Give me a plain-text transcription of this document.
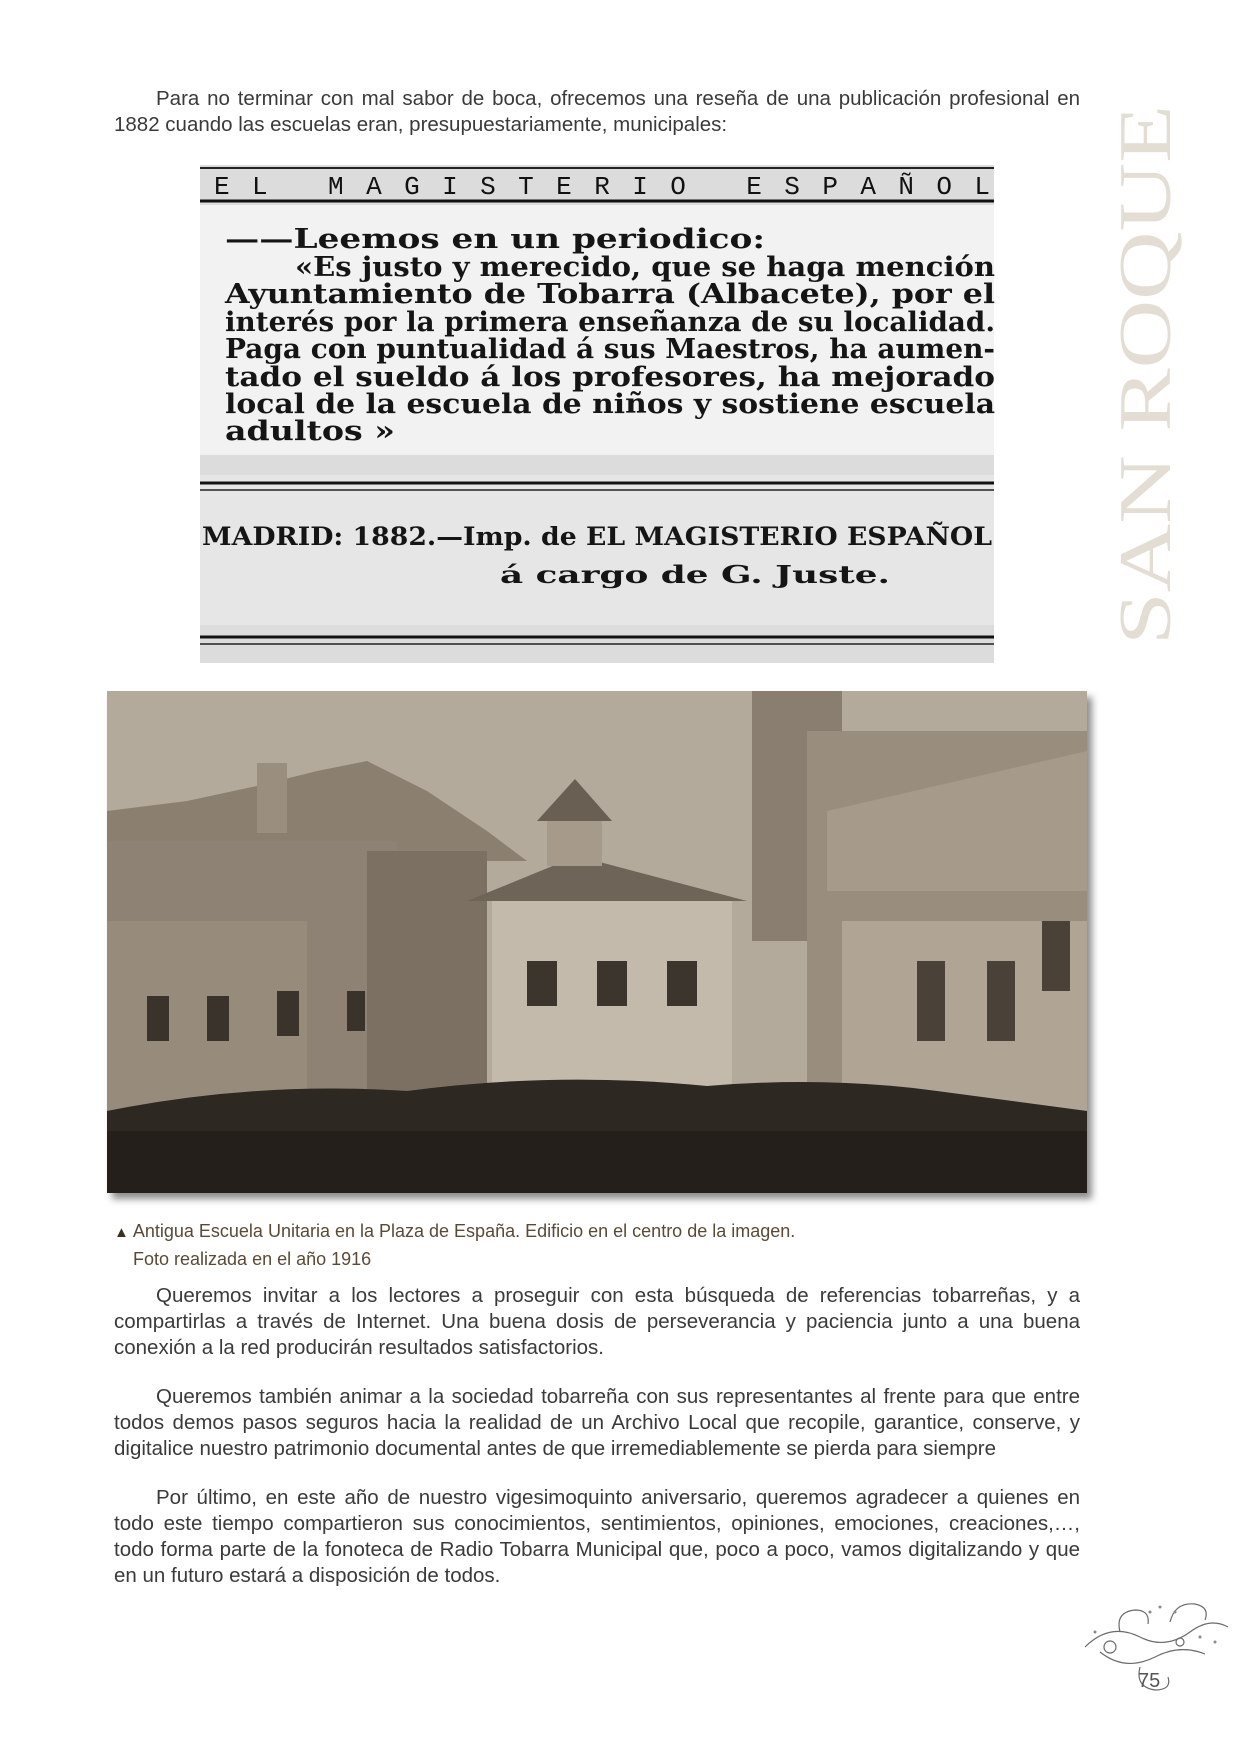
Para no terminar con mal sabor de boca, ofrecemos una reseña de una publicación profesional en 1882 cuando las escuelas eran, presupuestariamente, municipales:

SAN ROQUE
EL MAGISTERIO ESPAÑOL
——Leemos en un periodico:
«Es justo y merecido, que se haga mención
Ayuntamiento de Tobarra (Albacete), por el
interés por la primera enseñanza de su localidad.
Paga con puntualidad á sus Maestros, ha aumen-
tado el sueldo á los profesores, ha mejorado
local de la escuela de niños y sostiene escuela
adultos »
MADRID: 1882.—Imp. de EL MAGISTERIO ESPAÑOL
á cargo de G. Juste.
▲ Antigua Escuela Unitaria en la Plaza de España. Edificio en el centro de la imagen.
Foto realizada en el año 1916

Queremos invitar a los lectores a proseguir con esta búsqueda de referencias tobarreñas, y a compartirlas a través de Internet. Una buena dosis de perseverancia y paciencia junto a una buena conexión a la red producirán resultados satisfactorios.

Queremos también animar a la sociedad tobarreña con sus representantes al frente para que entre todos demos pasos seguros hacia la realidad de un Archivo Local que recopile, garantice, conserve, y digitalice nuestro patrimonio documental antes de que irremediablemente se pierda para siempre

Por último, en este año de nuestro vigesimoquinto aniversario, queremos agradecer a quienes en todo este tiempo compartieron sus conocimientos, sentimientos, opiniones, emociones, creaciones,…, todo forma parte de la fonoteca de Radio Tobarra Municipal que, poco a poco, vamos digitalizando y que en un futuro estará a disposición de todos.

75
